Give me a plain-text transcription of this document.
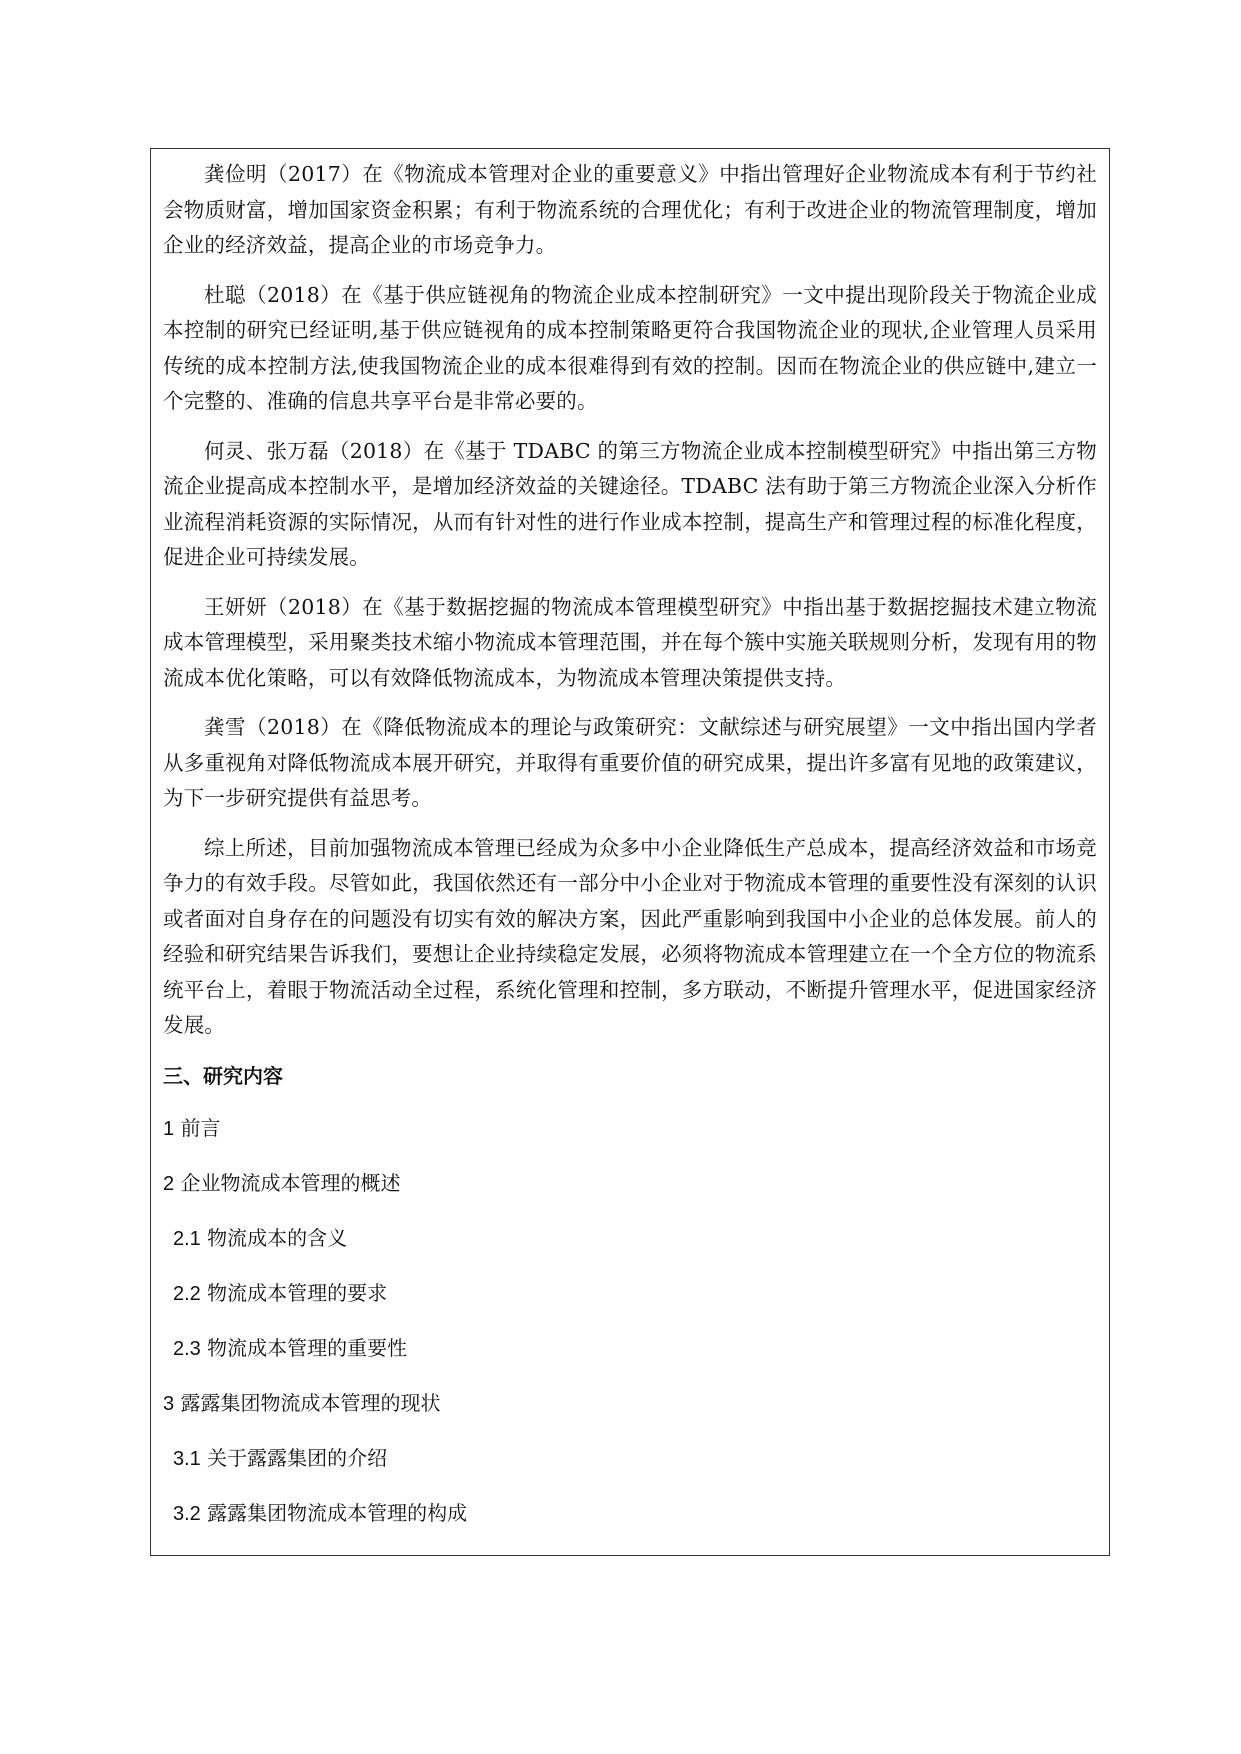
龚俭明（2017）在《物流成本管理对企业的重要意义》中指出管理好企业物流成本有利于节约社会物质财富，增加国家资金积累；有利于物流系统的合理优化；有利于改进企业的物流管理制度，增加企业的经济效益，提高企业的市场竞争力。

杜聪（2018）在《基于供应链视角的物流企业成本控制研究》一文中提出现阶段关于物流企业成本控制的研究已经证明,基于供应链视角的成本控制策略更符合我国物流企业的现状,企业管理人员采用传统的成本控制方法,使我国物流企业的成本很难得到有效的控制。因而在物流企业的供应链中,建立一个完整的、准确的信息共享平台是非常必要的。

何灵、张万磊（2018）在《基于 TDABC 的第三方物流企业成本控制模型研究》中指出第三方物流企业提高成本控制水平，是增加经济效益的关键途径。TDABC 法有助于第三方物流企业深入分析作业流程消耗资源的实际情况，从而有针对性的进行作业成本控制，提高生产和管理过程的标准化程度，促进企业可持续发展。

王妍妍（2018）在《基于数据挖掘的物流成本管理模型研究》中指出基于数据挖掘技术建立物流成本管理模型，采用聚类技术缩小物流成本管理范围，并在每个簇中实施关联规则分析，发现有用的物流成本优化策略，可以有效降低物流成本，为物流成本管理决策提供支持。

龚雪（2018）在《降低物流成本的理论与政策研究：文献综述与研究展望》一文中指出国内学者从多重视角对降低物流成本展开研究，并取得有重要价值的研究成果，提出许多富有见地的政策建议，为下一步研究提供有益思考。

综上所述，目前加强物流成本管理已经成为众多中小企业降低生产总成本，提高经济效益和市场竞争力的有效手段。尽管如此，我国依然还有一部分中小企业对于物流成本管理的重要性没有深刻的认识或者面对自身存在的问题没有切实有效的解决方案，因此严重影响到我国中小企业的总体发展。前人的经验和研究结果告诉我们，要想让企业持续稳定发展，必须将物流成本管理建立在一个全方位的物流系统平台上，着眼于物流活动全过程，系统化管理和控制，多方联动，不断提升管理水平，促进国家经济发展。

三、研究内容
1 前言
2 企业物流成本管理的概述
2.1 物流成本的含义
2.2 物流成本管理的要求
2.3 物流成本管理的重要性
3 露露集团物流成本管理的现状
3.1 关于露露集团的介绍
3.2 露露集团物流成本管理的构成
